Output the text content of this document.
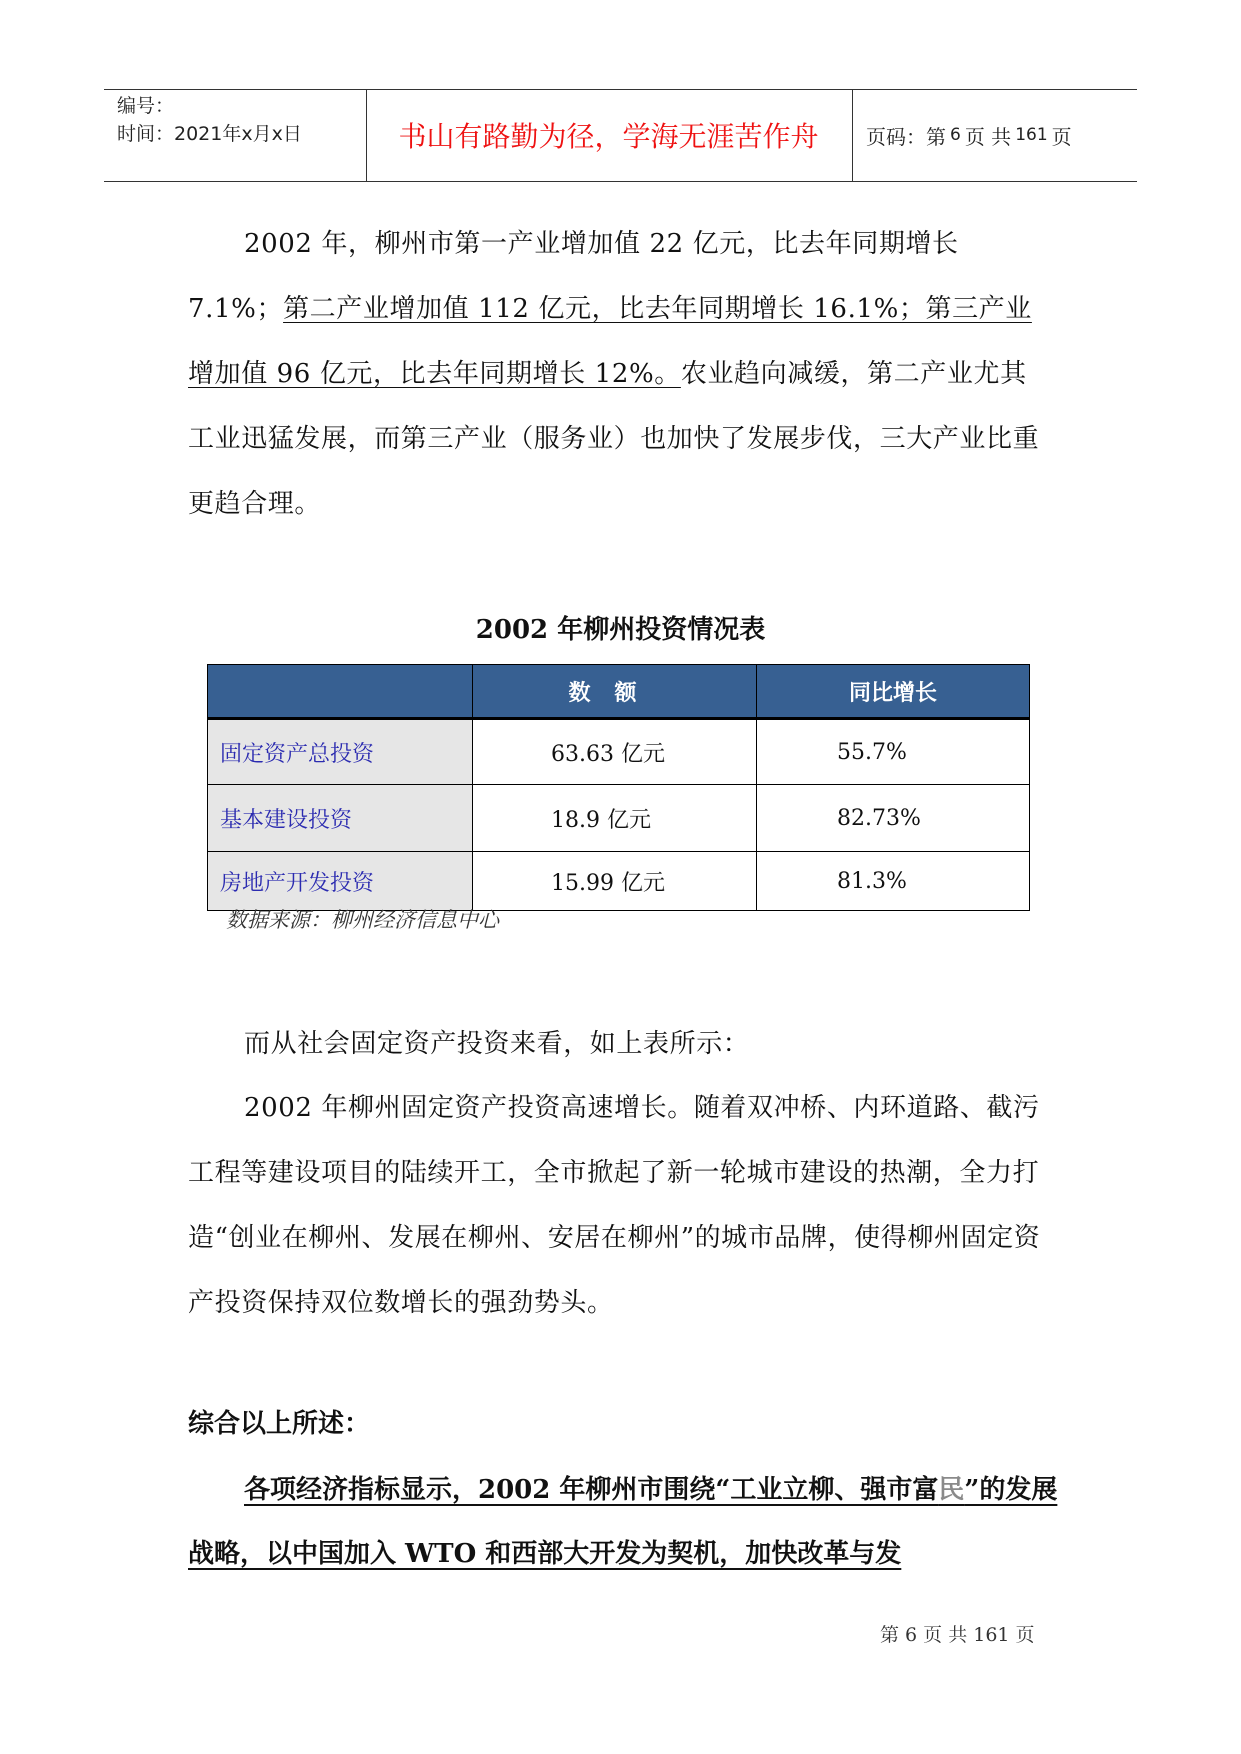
编号：
时间：2021年x月x日	书山有路勤为径，学海无涯苦作舟	页码：第 6 页 共 161 页

2002 年，柳州市第一产业增加值 22 亿元，比去年同期增长 7.1%；第二产业增加值 112 亿元，比去年同期增长 16.1%；第三产业增加值 96 亿元，比去年同期增长 12%。农业趋向减缓，第二产业尤其工业迅猛发展，而第三产业（服务业）也加快了发展步伐，三大产业比重更趋合理。

2002 年柳州投资情况表
	数额	同比增长
固定资产总投资	63.63 亿元	55.7%
基本建设投资	18.9 亿元	82.73%
房地产开发投资	15.99 亿元	81.3%
数据来源：柳州经济信息中心

而从社会固定资产投资来看，如上表所示：

2002 年柳州固定资产投资高速增长。随着双冲桥、内环道路、截污工程等建设项目的陆续开工，全市掀起了新一轮城市建设的热潮，全力打造“创业在柳州、发展在柳州、安居在柳州”的城市品牌，使得柳州固定资产投资保持双位数增长的强劲势头。

综合以上所述：

各项经济指标显示，2002 年柳州市围绕“工业立柳、强市富民”的发展战略，以中国加入 WTO 和西部大开发为契机，加快改革与发

第 6 页 共 161 页
